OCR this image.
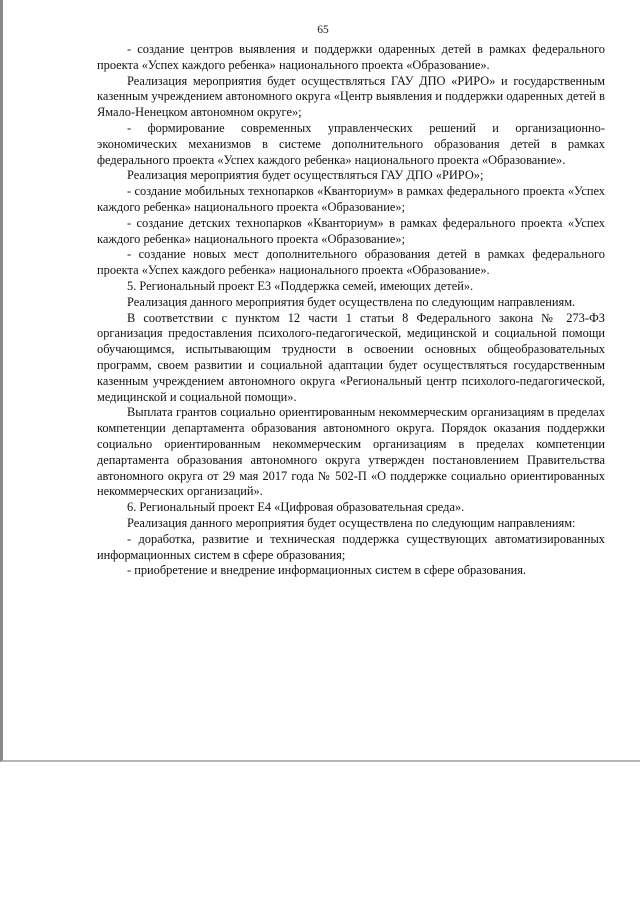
65

- создание центров выявления и поддержки одаренных детей в рамках федерального проекта «Успех каждого ребенка» национального проекта «Образование».

Реализация мероприятия будет осуществляться ГАУ ДПО «РИРО» и государственным казенным учреждением автономного округа «Центр выявления и поддержки одаренных детей в Ямало-Ненецком автономном округе»;

- формирование современных управленческих решений и организационно-экономических механизмов в системе дополнительного образования детей в рамках федерального проекта «Успех каждого ребенка» национального проекта «Образование».

Реализация мероприятия будет осуществляться ГАУ ДПО «РИРО»;

- создание мобильных технопарков «Кванториум» в рамках федерального проекта «Успех каждого ребенка» национального проекта «Образование»;

- создание детских технопарков «Кванториум» в рамках федерального проекта «Успех каждого ребенка» национального проекта «Образование»;

- создание новых мест дополнительного образования детей в рамках федерального проекта «Успех каждого ребенка» национального проекта «Образование».

5. Региональный проект Е3 «Поддержка семей, имеющих детей».

Реализация данного мероприятия будет осуществлена по следующим направлениям.

В соответствии с пунктом 12 части 1 статьи 8 Федерального закона № 273-ФЗ организация предоставления психолого-педагогической, медицинской и социальной помощи обучающимся, испытывающим трудности в освоении основных общеобразовательных программ, своем развитии и социальной адаптации будет осуществляться государственным казенным учреждением автономного округа «Региональный центр психолого-педагогической, медицинской и социальной помощи».

Выплата грантов социально ориентированным некоммерческим организациям в пределах компетенции департамента образования автономного округа. Порядок оказания поддержки социально ориентированным некоммерческим организациям в пределах компетенции департамента образования автономного округа утвержден постановлением Правительства автономного округа от 29 мая 2017 года № 502-П «О поддержке социально ориентированных некоммерческих организаций».

6. Региональный проект Е4 «Цифровая образовательная среда».

Реализация данного мероприятия будет осуществлена по следующим направлениям:

- доработка, развитие и техническая поддержка существующих автоматизированных информационных систем в сфере образования;

- приобретение и внедрение информационных систем в сфере образования.
